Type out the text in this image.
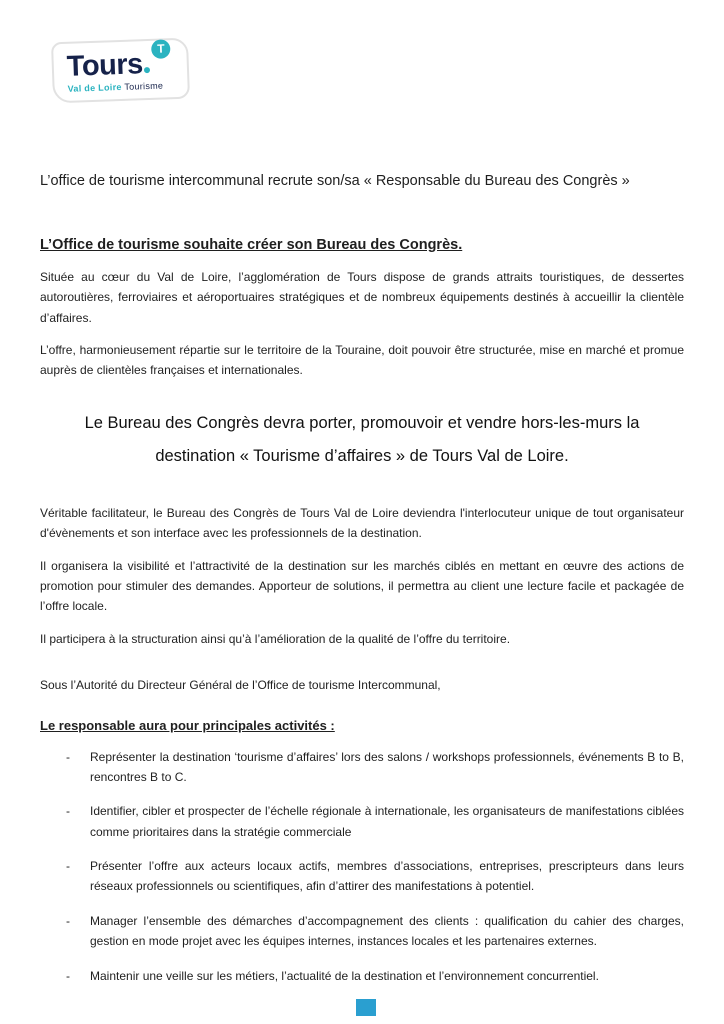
Tours T
Val de Loire Tourisme

L’office de tourisme intercommunal recrute son/sa « Responsable du Bureau des Congrès »

L’Office de tourisme souhaite créer son Bureau des Congrès.

Située au cœur du Val de Loire, l’agglomération de Tours dispose de grands attraits touristiques, de dessertes autoroutières, ferroviaires et aéroportuaires stratégiques et de nombreux équipements destinés à accueillir la clientèle d’affaires.

L’offre, harmonieusement répartie sur le territoire de la Touraine, doit pouvoir être structurée, mise en marché et promue auprès de clientèles françaises et internationales.

Le Bureau des Congrès devra porter, promouvoir et vendre hors-les-murs la
destination « Tourisme d’affaires » de Tours Val de Loire.

Véritable facilitateur, le Bureau des Congrès de Tours Val de Loire deviendra l'interlocuteur unique de tout organisateur d'évènements et son interface avec les professionnels de la destination.

Il organisera la visibilité et l’attractivité de la destination sur les marchés ciblés en mettant en œuvre des actions de promotion pour stimuler des demandes. Apporteur de solutions, il permettra au client une lecture facile et packagée de l’offre locale.

Il participera à la structuration ainsi qu’à l’amélioration de la qualité de l’offre du territoire.

Sous l’Autorité du Directeur Général de l’Office de tourisme Intercommunal,

Le responsable aura pour principales activités :
-	Représenter la destination ‘tourisme d’affaires’ lors des salons / workshops professionnels, événements B to B, rencontres B to C.
-	Identifier, cibler et prospecter de l’échelle régionale à internationale, les organisateurs de manifestations ciblées comme prioritaires dans la stratégie commerciale
-	Présenter l’offre aux acteurs locaux actifs, membres d’associations, entreprises, prescripteurs dans leurs réseaux professionnels ou scientifiques, afin d’attirer des manifestations à potentiel.
-	Manager l’ensemble des démarches d’accompagnement des clients : qualification du cahier des charges, gestion en mode projet avec les équipes internes, instances locales et les partenaires externes.
-	Maintenir une veille sur les métiers, l’actualité de la destination et l’environnement concurrentiel.
